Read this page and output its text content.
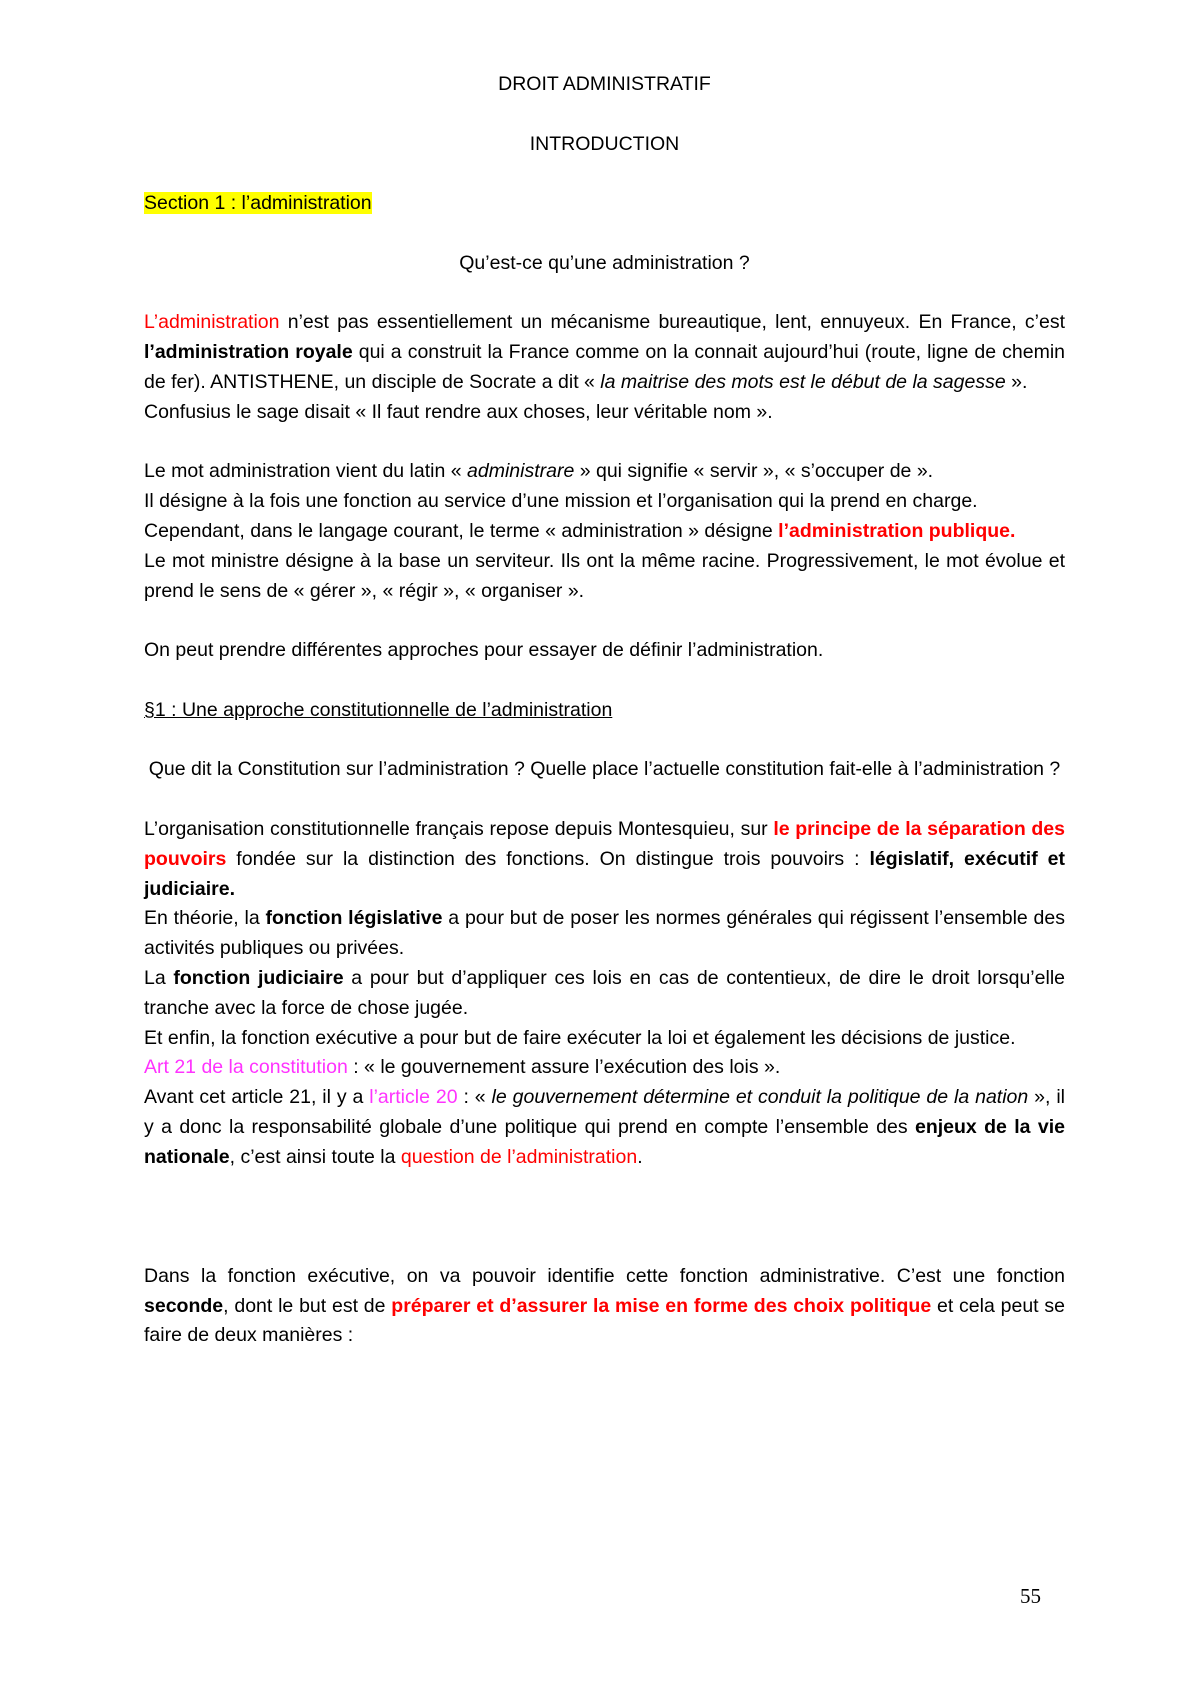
DROIT ADMINISTRATIF

INTRODUCTION

Section 1 : l’administration

Qu’est-ce qu’une administration ?

L’administration n’est pas essentiellement un mécanisme bureautique, lent, ennuyeux. En France, c’est l’administration royale qui a construit la France comme on la connait aujourd’hui (route, ligne de chemin de fer). ANTISTHENE, un disciple de Socrate a dit « la maitrise des mots est le début de la sagesse ».

Confusius le sage disait « Il faut rendre aux choses, leur véritable nom ».

Le mot administration vient du latin « administrare » qui signifie « servir », « s’occuper de ».

Il désigne à la fois une fonction au service d’une mission et l’organisation qui la prend en charge.

Cependant, dans le langage courant, le terme « administration » désigne l’administration publique.

Le mot ministre désigne à la base un serviteur. Ils ont la même racine. Progressivement, le mot évolue et prend le sens de « gérer », « régir », « organiser ».

On peut prendre différentes approches pour essayer de définir l’administration.

§1 : Une approche constitutionnelle de l’administration

Que dit la Constitution sur l’administration ? Quelle place l’actuelle constitution fait-elle à l’administration ?

L’organisation constitutionnelle français repose depuis Montesquieu, sur le principe de la séparation des pouvoirs fondée sur la distinction des fonctions. On distingue trois pouvoirs : législatif, exécutif et judiciaire.

En théorie, la fonction législative a pour but de poser les normes générales qui régissent l’ensemble des activités publiques ou privées.

La fonction judiciaire a pour but d’appliquer ces lois en cas de contentieux, de dire le droit lorsqu’elle tranche avec la force de chose jugée.

Et enfin, la fonction exécutive a pour but de faire exécuter la loi et également les décisions de justice.

Art 21 de la constitution : « le gouvernement assure l’exécution des lois ».

Avant cet article 21, il y a l’article 20 : « le gouvernement détermine et conduit la politique de la nation », il y a donc la responsabilité globale d’une politique qui prend en compte l’ensemble des enjeux de la vie nationale, c’est ainsi toute la question de l’administration.

Dans la fonction exécutive, on va pouvoir identifie cette fonction administrative. C’est une fonction seconde, dont le but est de préparer et d’assurer la mise en forme des choix politique et cela peut se faire de deux manières :

55
